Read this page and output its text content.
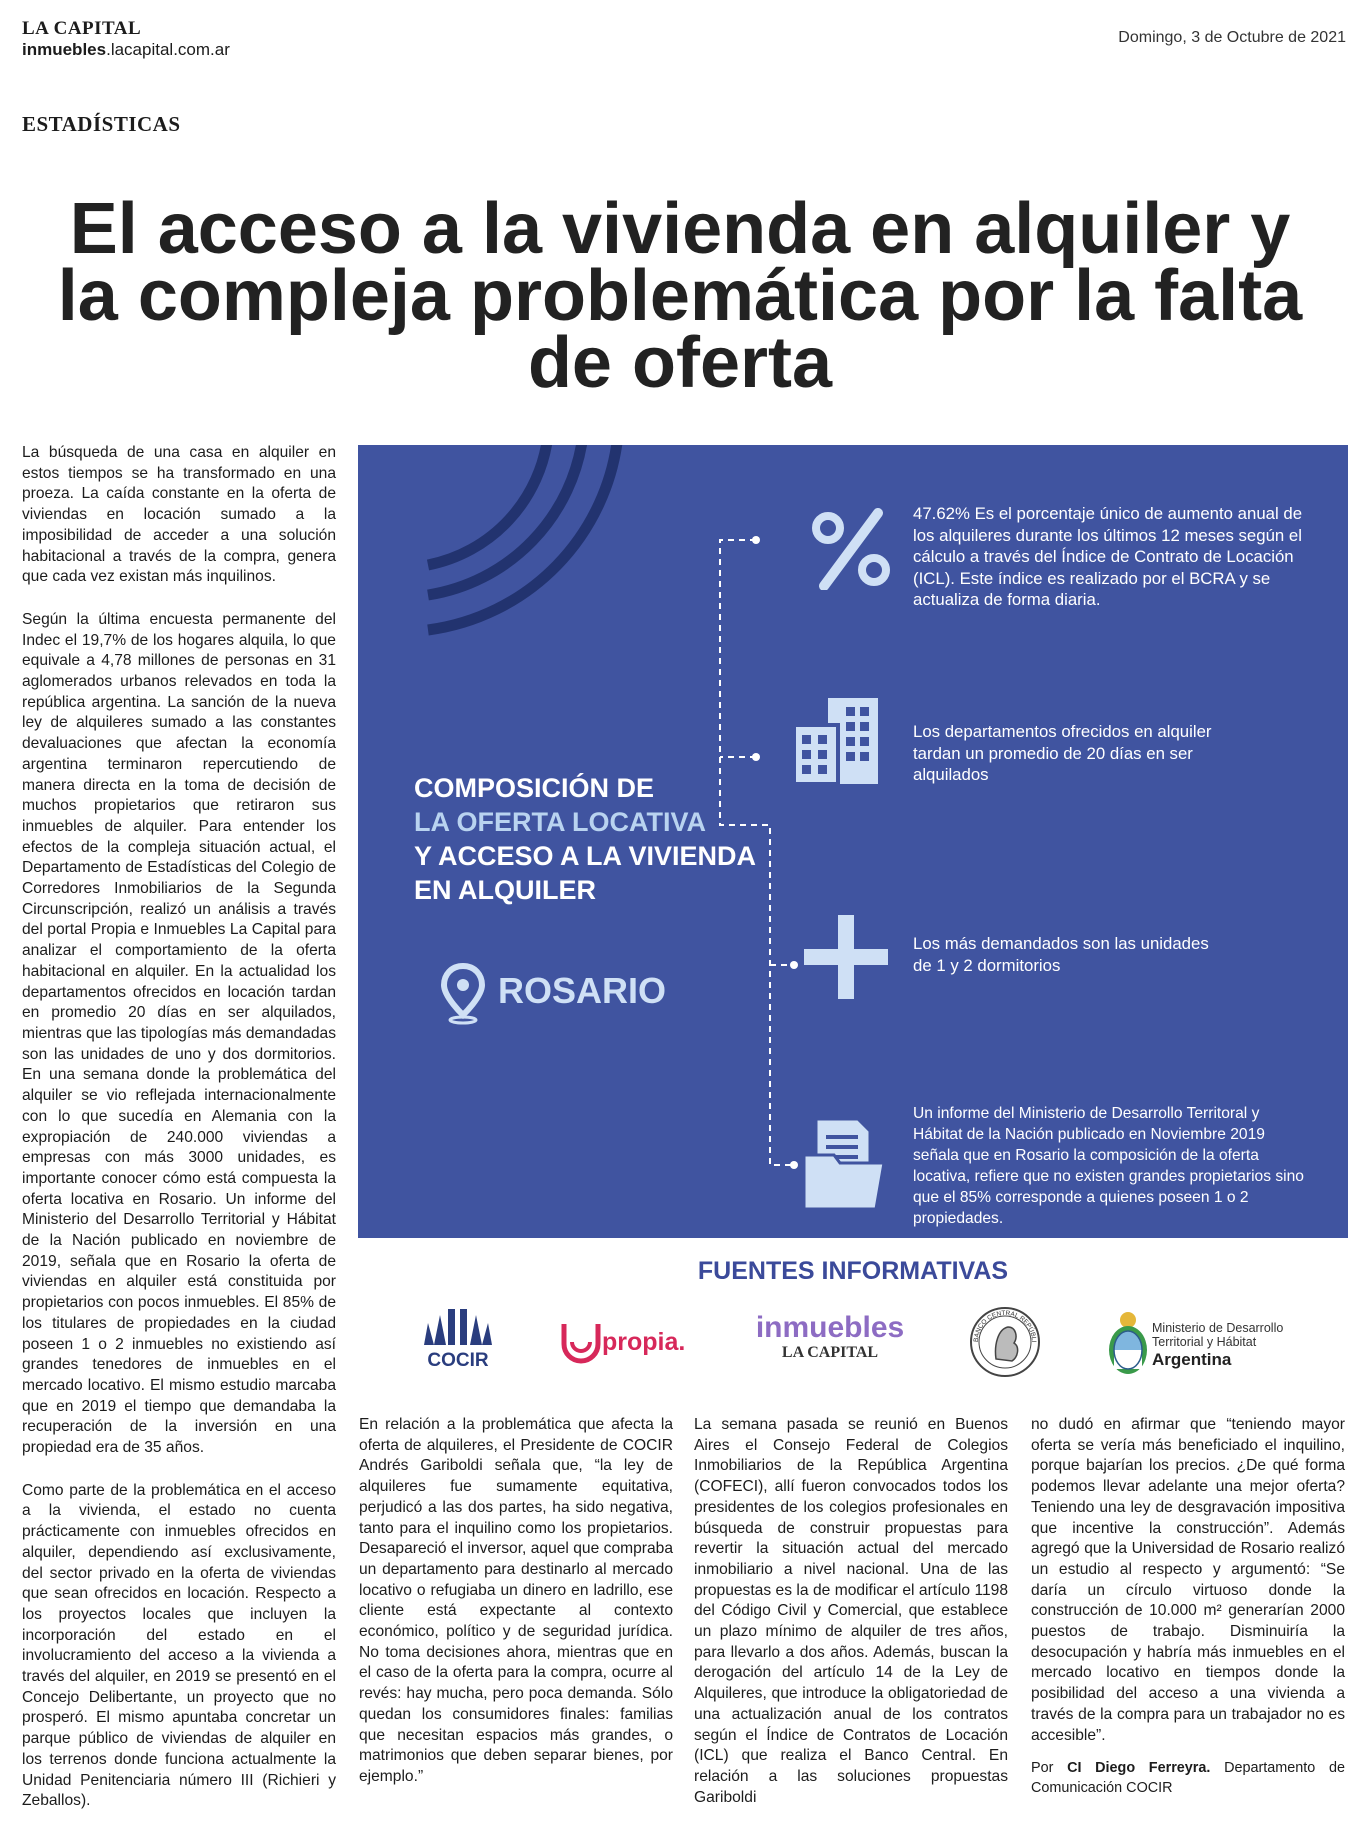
LA CAPITAL
inmuebles.lacapital.com.ar
Domingo, 3 de Octubre de 2021
ESTADÍSTICAS
El acceso a la vivienda en alquiler y la compleja problemática por la falta de oferta

La búsqueda de una casa en alquiler en estos tiempos se ha transformado en una proeza. La caída constante en la oferta de viviendas en locación sumado a la imposibilidad de acceder a una solución habitacional a través de la compra, genera que cada vez existan más inquilinos.

Según la última encuesta permanente del Indec el 19,7% de los hogares alquila, lo que equivale a 4,78 millones de personas en 31 aglomerados urbanos relevados en toda la república argentina. La sanción de la nueva ley de alquileres sumado a las constantes devaluaciones que afectan la economía argentina terminaron repercutiendo de manera directa en la toma de decisión de muchos propietarios que retiraron sus inmuebles de alquiler. Para entender los efectos de la compleja situación actual, el Departamento de Estadísticas del Colegio de Corredores Inmobiliarios de la Segunda Circunscripción, realizó un análisis a través del portal Propia e Inmuebles La Capital para analizar el comportamiento de la oferta habitacional en alquiler. En la actualidad los departamentos ofrecidos en locación tardan en promedio 20 días en ser alquilados, mientras que las tipologías más demandadas son las unidades de uno y dos dormitorios. En una semana donde la problemática del alquiler se vio reflejada internacionalmente con lo que sucedía en Alemania con la expropiación de 240.000 viviendas a empresas con más 3000 unidades, es importante conocer cómo está compuesta la oferta locativa en Rosario. Un informe del Ministerio del Desarrollo Territorial y Hábitat de la Nación publicado en noviembre de 2019, señala que en Rosario la oferta de viviendas en alquiler está constituida por propietarios con pocos inmuebles. El 85% de los titulares de propiedades en la ciudad poseen 1 o 2 inmuebles no existiendo así grandes tenedores de inmuebles en el mercado locativo. El mismo estudio marcaba que en 2019 el tiempo que demandaba la recuperación de la inversión en una propiedad era de 35 años.

Como parte de la problemática en el acceso a la vivienda, el estado no cuenta prácticamente con inmuebles ofrecidos en alquiler, dependiendo así exclusivamente, del sector privado en la oferta de viviendas que sean ofrecidos en locación. Respecto a los proyectos locales que incluyen la incorporación del estado en el involucramiento del acceso a la vivienda a través del alquiler, en 2019 se presentó en el Concejo Delibertante, un proyecto que no prosperó. El mismo apuntaba concretar un parque público de viviendas de alquiler en los terrenos donde funciona actualmente la Unidad Penitenciaria número III (Richieri y Zeballos).

COMPOSICIÓN DE
LA OFERTA LOCATIVA
Y ACCESO A LA VIVIENDA
EN ALQUILER
ROSARIO
47.62% Es el porcentaje único de aumento anual de los alquileres durante los últimos 12 meses según el cálculo a través del Índice de Contrato de Locación (ICL). Este índice es realizado por el BCRA y se actualiza de forma diaria.
Los departamentos ofrecidos en alquiler tardan un promedio de 20 días en ser alquilados
Los más demandados son las unidades de 1 y 2 dormitorios
Un informe del Ministerio de Desarrollo Territoral y Hábitat de la Nación publicado en Noviembre 2019 señala que en Rosario la composición de la oferta locativa, refiere que no existen grandes propietarios sino que el 85% corresponde a quienes poseen 1 o 2 propiedades.
FUENTES INFORMATIVAS
COCIR
propia.	inmuebles
LA CAPITAL
BANCO CENTRAL REPÚBLI
Ministerio de Desarrollo
Territorial y Hábitat
Argentina

En relación a la problemática que afecta la oferta de alquileres, el Presidente de COCIR Andrés Gariboldi señala que, “la ley de alquileres fue sumamente equitativa, perjudicó a las dos partes, ha sido negativa, tanto para el inquilino como los propietarios. Desapareció el inversor, aquel que compraba un departamento para destinarlo al mercado locativo o refugiaba un dinero en ladrillo, ese cliente está expectante al contexto económico, político y de seguridad jurídica. No toma decisiones ahora, mientras que en el caso de la oferta para la compra, ocurre al revés: hay mucha, pero poca demanda. Sólo quedan los consumidores finales: familias que necesitan espacios más grandes, o matrimonios que deben separar bienes, por ejemplo.”

La semana pasada se reunió en Buenos Aires el Consejo Federal de Colegios Inmobiliarios de la República Argentina (COFECI), allí fueron convocados todos los presidentes de los colegios profesionales en búsqueda de construir propuestas para revertir la situación actual del mercado inmobiliario a nivel nacional. Una de las propuestas es la de modificar el artículo 1198 del Código Civil y Comercial, que establece un plazo mínimo de alquiler de tres años, para llevarlo a dos años. Además, buscan la derogación del artículo 14 de la Ley de Alquileres, que introduce la obligatoriedad de una actualización anual de los contratos según el Índice de Contratos de Locación (ICL) que realiza el Banco Central. En relación a las soluciones propuestas Gariboldi

no dudó en afirmar que “teniendo mayor oferta se vería más beneficiado el inquilino, porque bajarían los precios. ¿De qué forma podemos llevar adelante una mejor oferta? Teniendo una ley de desgravación impositiva que incentive la construcción”. Además agregó que la Universidad de Rosario realizó un estudio al respecto y argumentó: “Se daría un círculo virtuoso donde la construcción de 10.000 m² generarían 2000 puestos de trabajo. Disminuiría la desocupación y habría más inmuebles en el mercado locativo en tiempos donde la posibilidad del acceso a una vivienda a través de la compra para un trabajador no es accesible”.

Por CI Diego Ferreyra. Departamento de Comunicación COCIR
